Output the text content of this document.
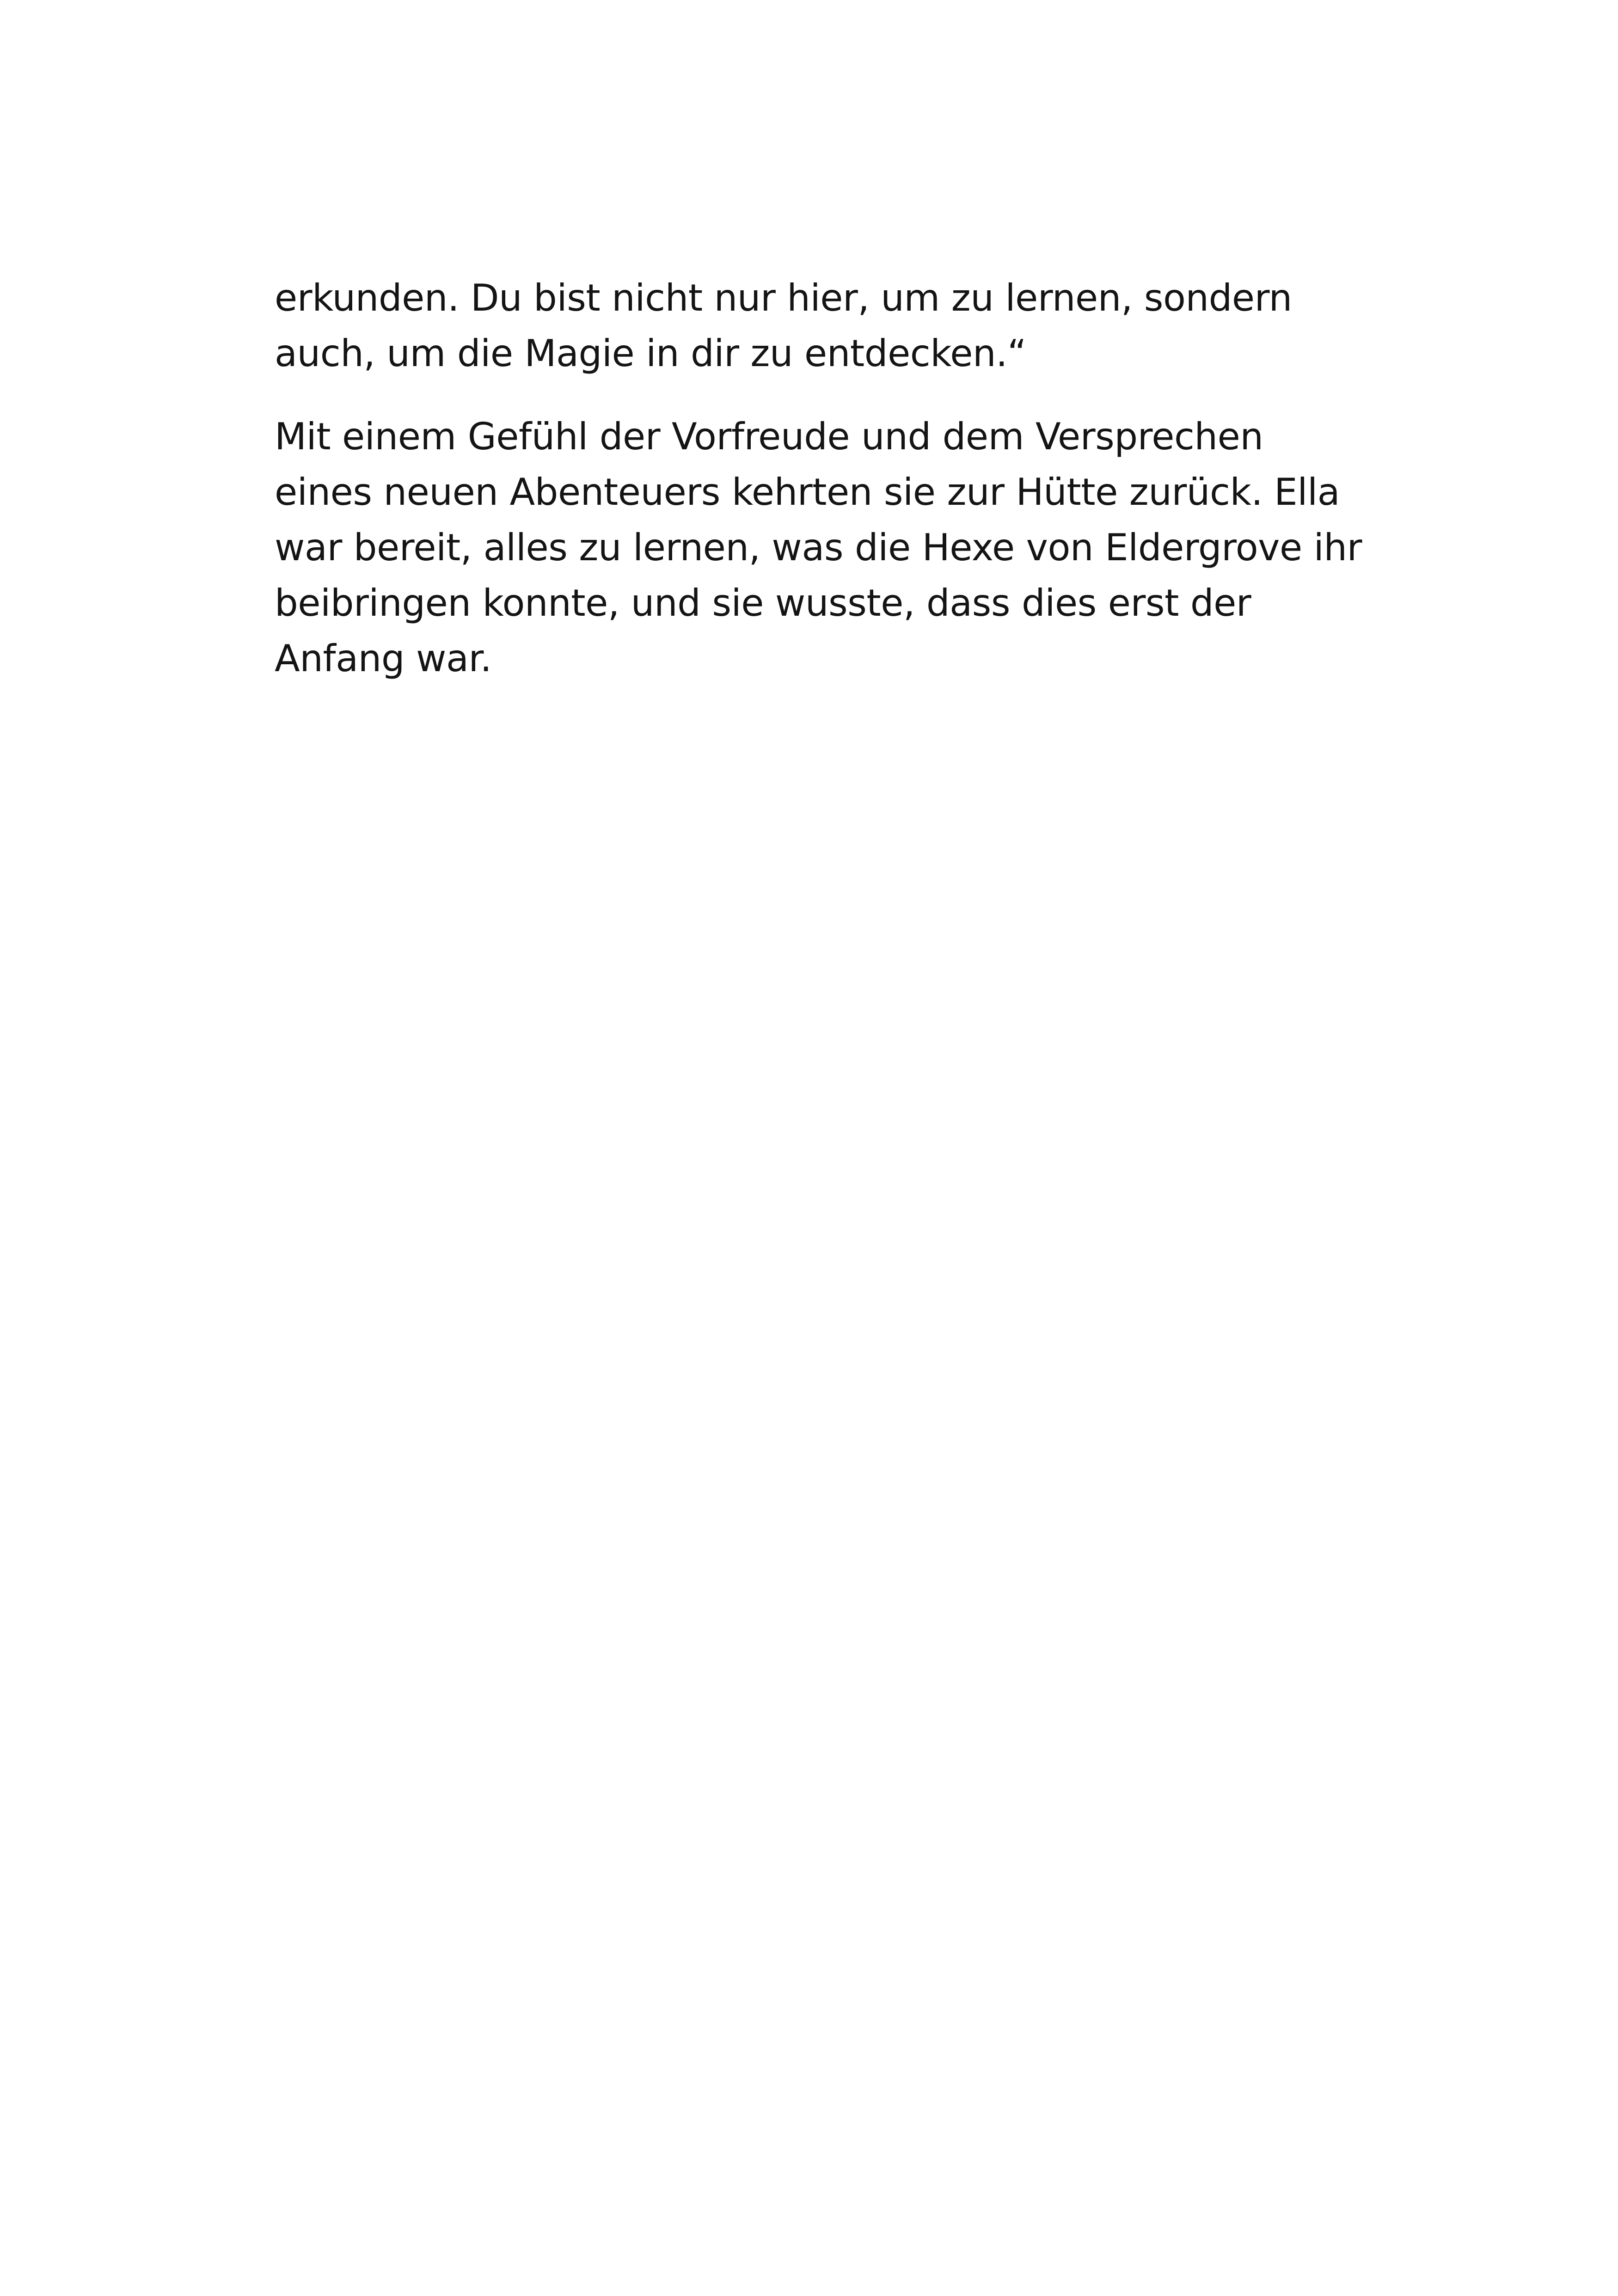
erkunden. Du bist nicht nur hier, um zu lernen, sondern
auch, um die Magie in dir zu entdecken.“

Mit einem Gefühl der Vorfreude und dem Versprechen
eines neuen Abenteuers kehrten sie zur Hütte zurück. Ella
war bereit, alles zu lernen, was die Hexe von Eldergrove ihr
beibringen konnte, und sie wusste, dass dies erst der
Anfang war.
